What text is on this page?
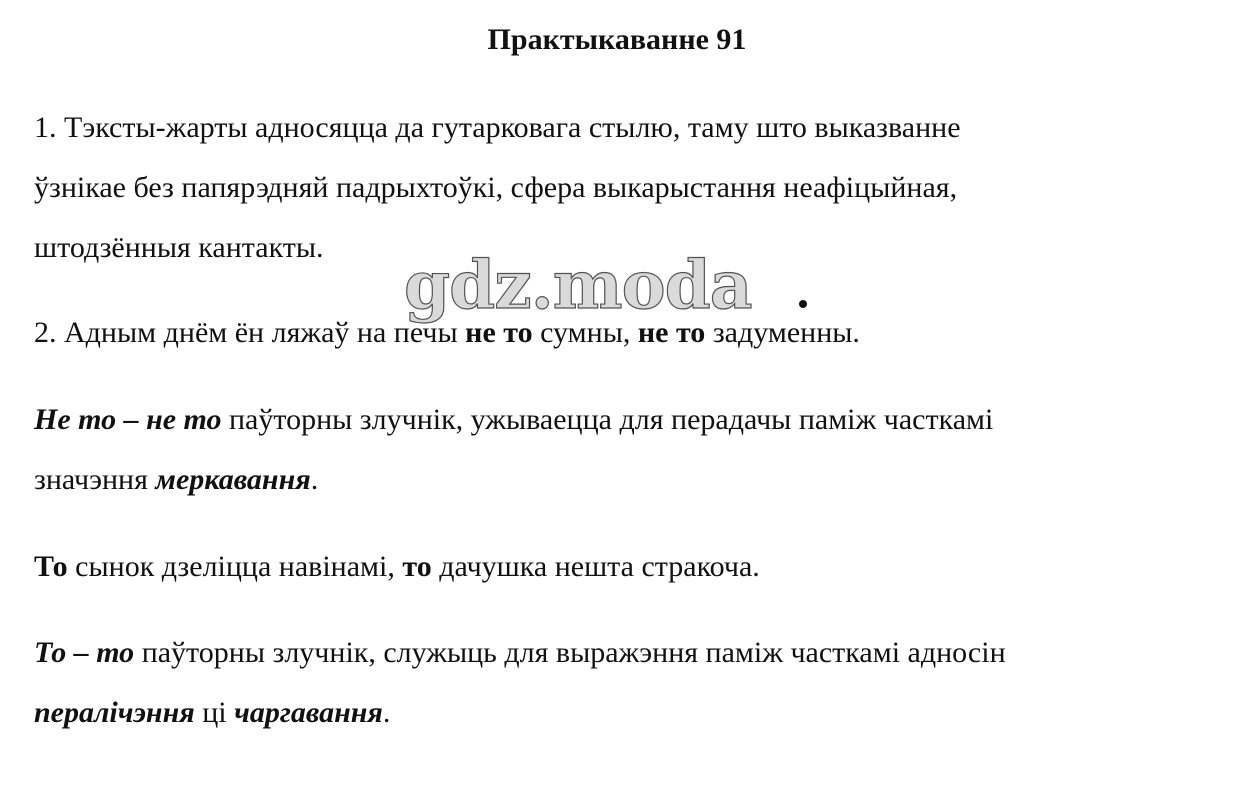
Практыкаванне 91
1. Тэксты-жарты адносяцца да гутарковага стылю, таму што выказванне
ўзнікае без папярэдняй падрыхтоўкі, сфера выкарыстання неафіцыйная,
штодзённыя кантакты.
2. Адным днём ён ляжаў на печы не то сумны, не то задуменны.
Не то – не то паўторны злучнік, ужываецца для перадачы паміж часткамі
значэння меркавання.
То сынок дзеліцца навінамі, то дачушка нешта стракоча.
То – то паўторны злучнік, служыць для выражэння паміж часткамі адносін
пералічэння ці чаргавання.
gdz.moda
